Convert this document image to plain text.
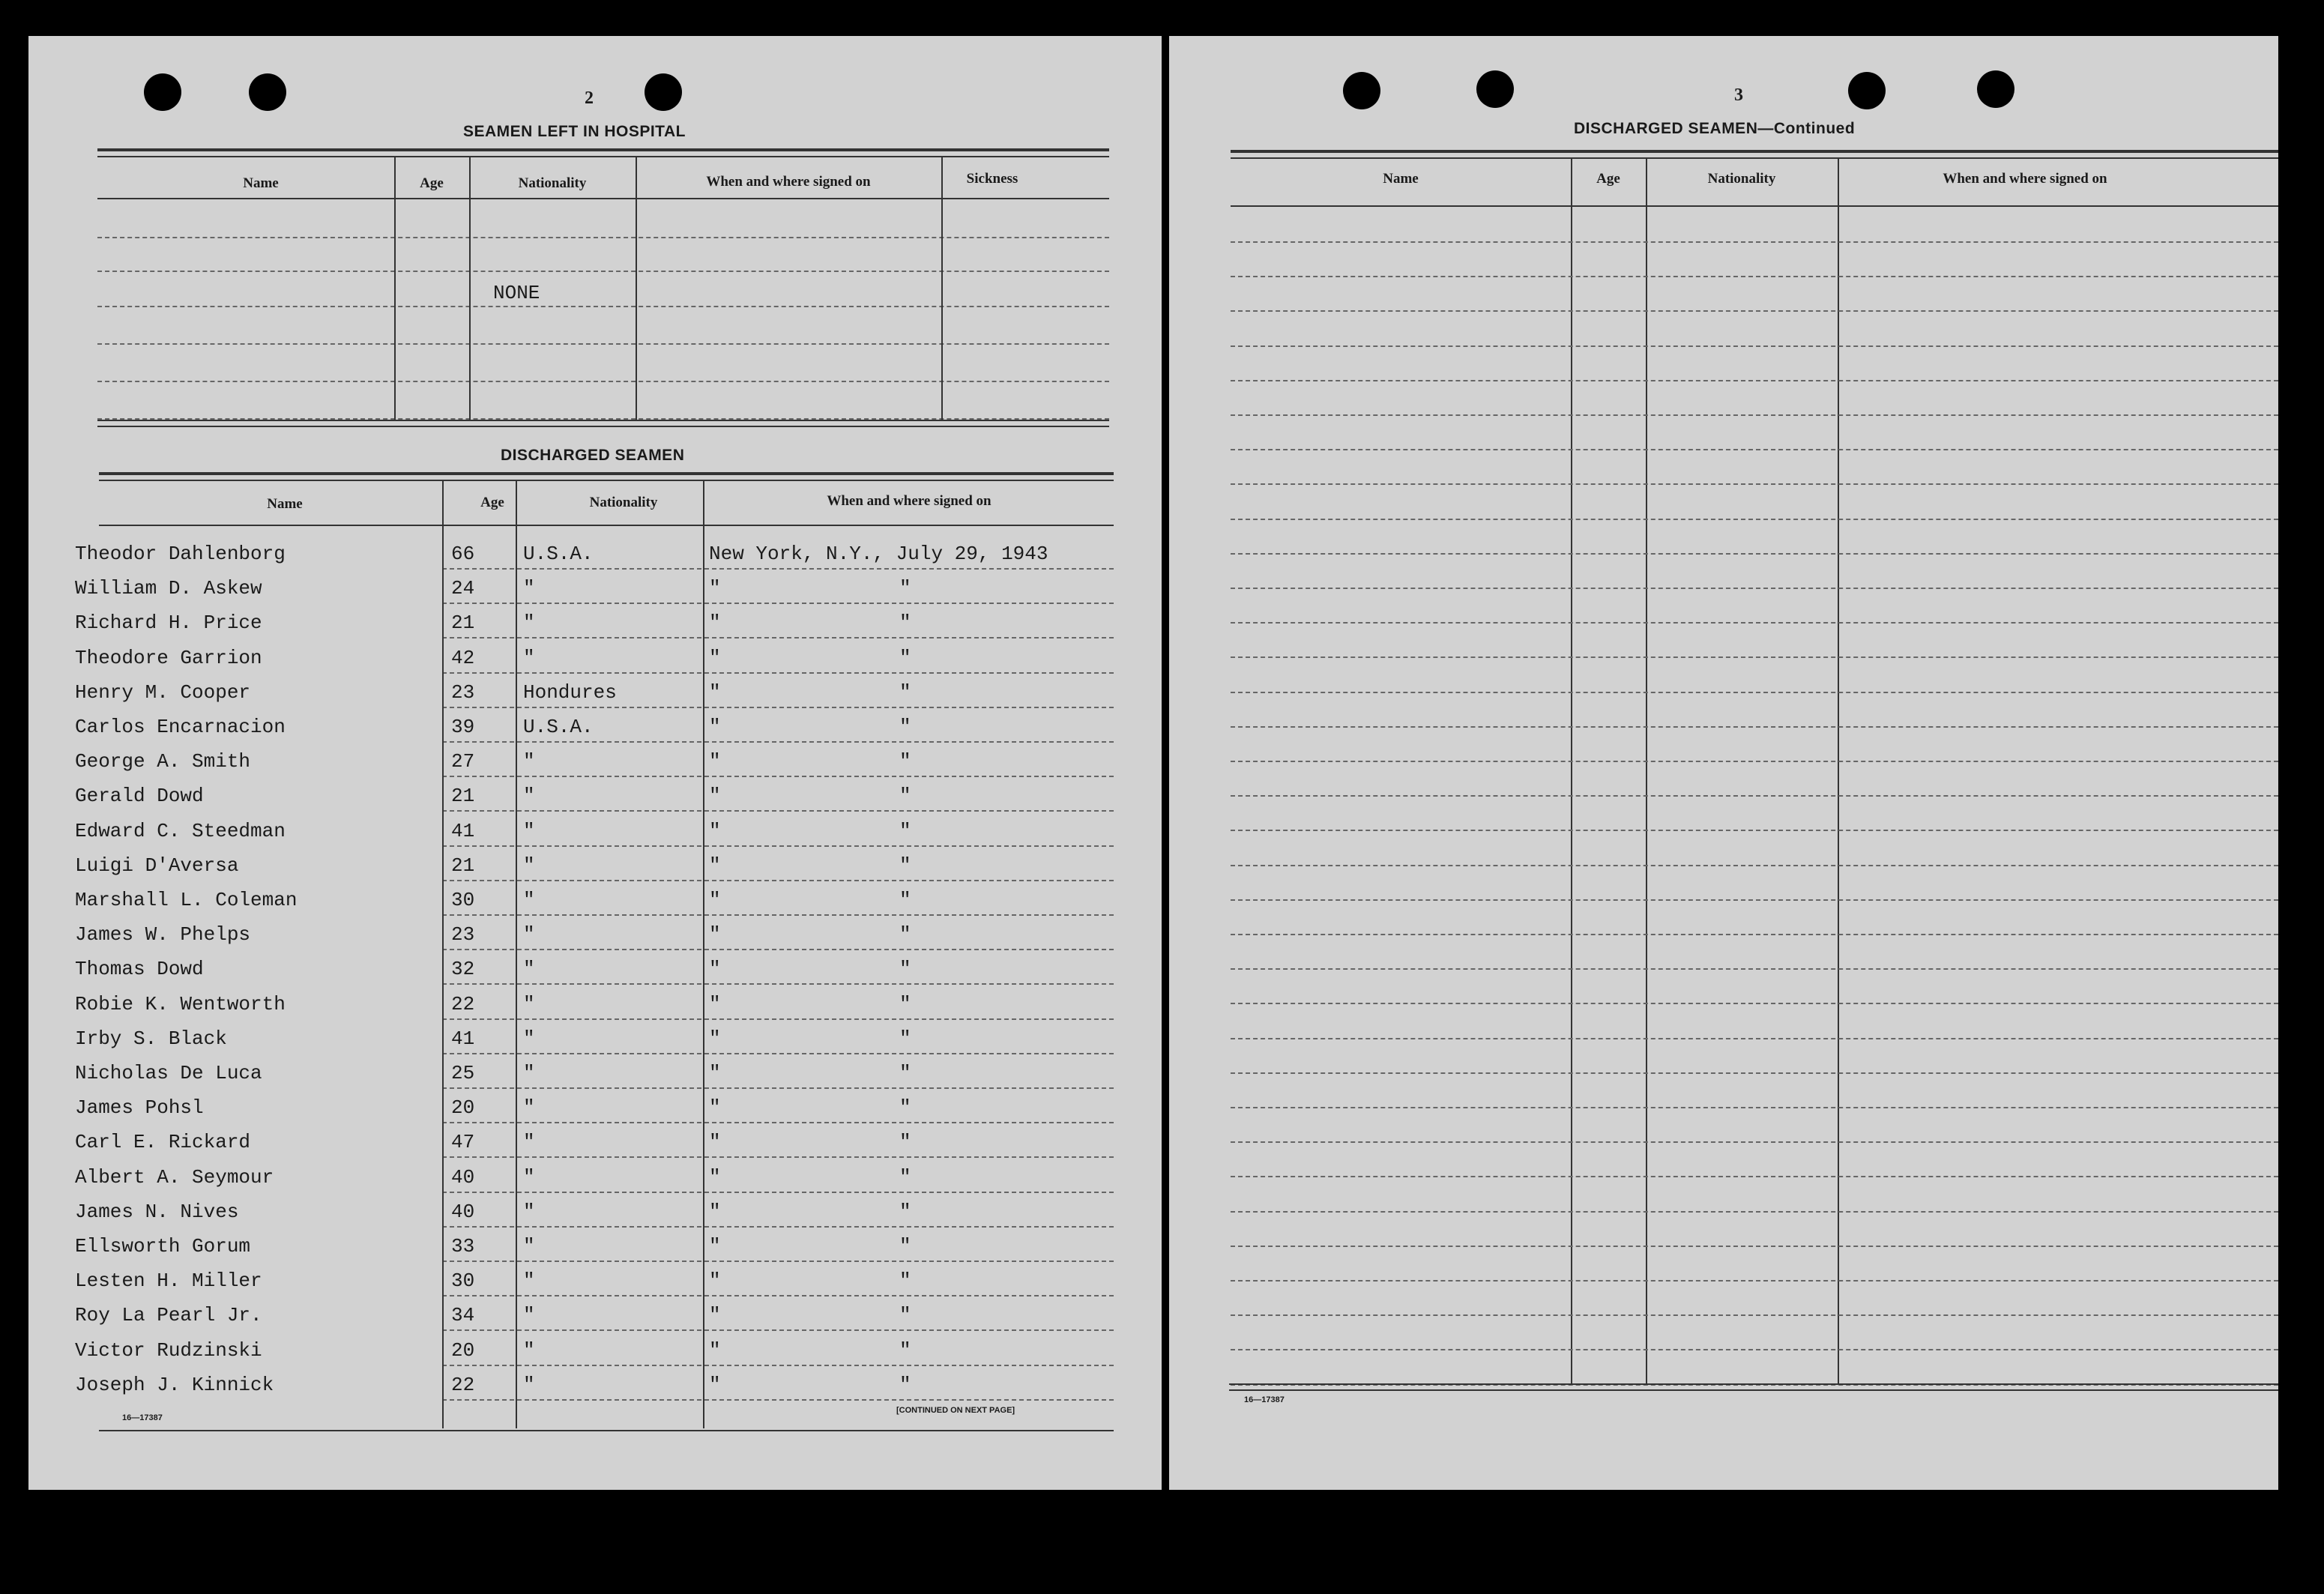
2
SEAMEN LEFT IN HOSPITAL
Name	Age	Nationality	When and where signed on	Sickness
NONE
DISCHARGED SEAMEN
Name	Age	Nationality	When and where signed on
Theodor Dahlenborg	66 U.S.A.	New York, N.Y., July 29, 1943
William D. Askew	24 "	"	"
Richard H. Price	21 "	"	"
Theodore Garrion	42 "	"	"
Henry M. Cooper	23 Hondures	"	"
Carlos Encarnacion	39 U.S.A.	"	"
George A. Smith	27 "	"	"
Gerald Dowd	21 "	"	"
Edward C. Steedman	41 "	"	"
Luigi D'Aversa	21 "	"	"
Marshall L. Coleman	30 "	"	"
James W. Phelps	23 "	"	"
Thomas Dowd	32 "	"	"
Robie K. Wentworth	22 "	"	"
Irby S. Black	41 "	"	"
Nicholas De Luca	25 "	"	"
James Pohsl	20 "	"	"
Carl E. Rickard	47 "	"	"
Albert A. Seymour	40 "	"	"
James N. Nives	40 "	"	"
Ellsworth Gorum	33 "	"	"
Lesten H. Miller	30 "	"	"
Roy La Pearl Jr.	34 "	"	"
Victor Rudzinski	20 "	"	"
Joseph J. Kinnick	22 "	"	"
16—17387
[CONTINUED ON NEXT PAGE]
3
DISCHARGED SEAMEN—Continued
Name	Age	Nationality	When and where signed on
16—17387
